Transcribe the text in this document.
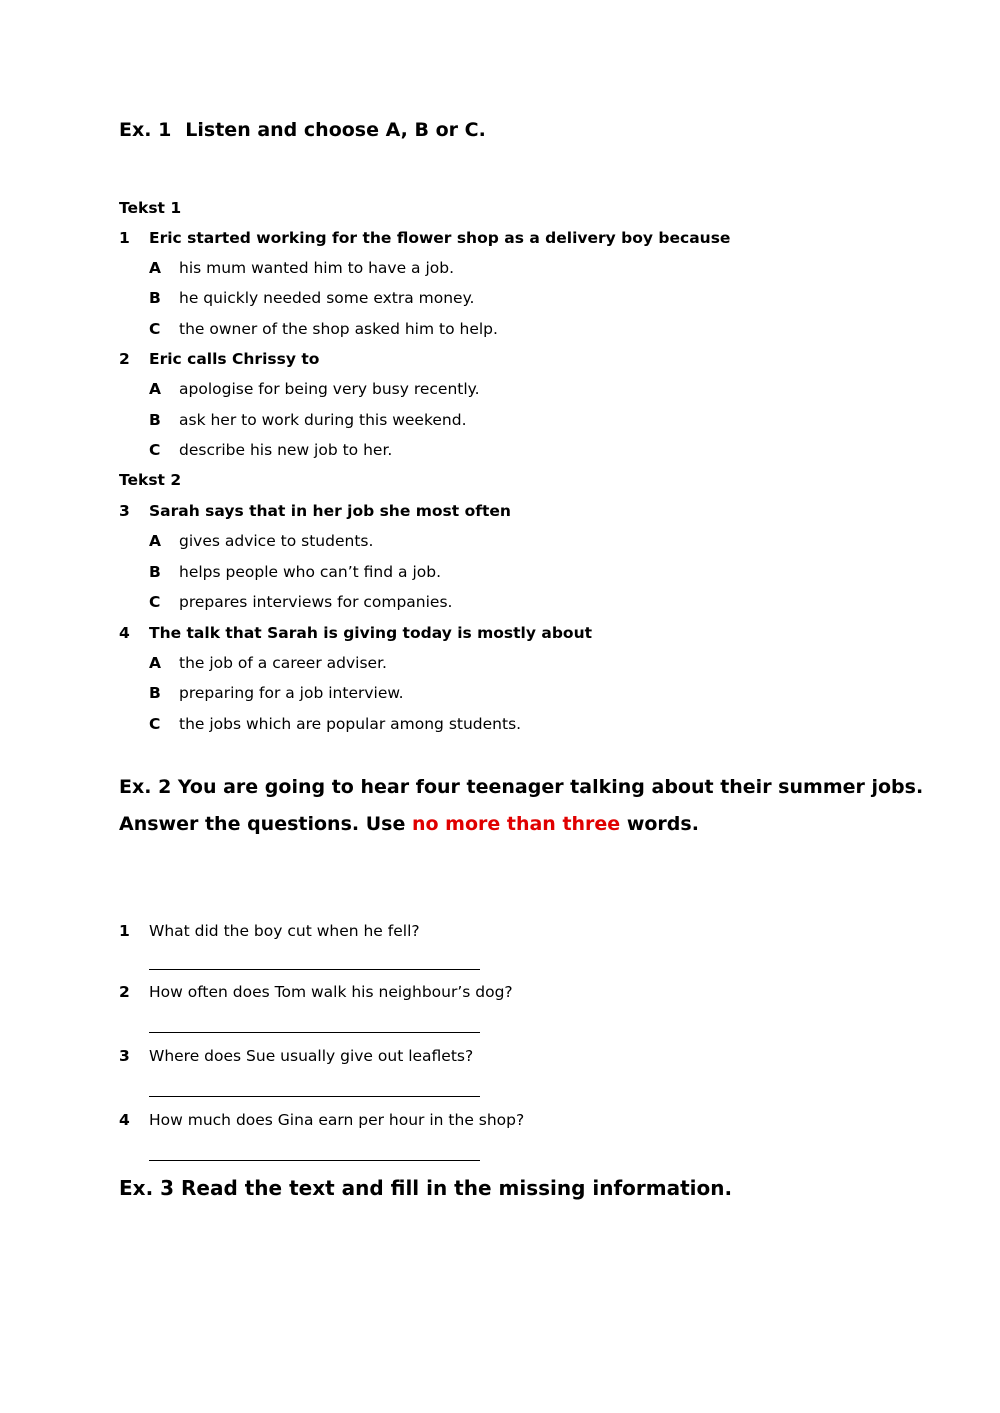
Ex. 1 Listen and choose A, B or C.
Tekst 1
1 Eric started working for the flower shop as a delivery boy because
A his mum wanted him to have a job.
B he quickly needed some extra money.
C the owner of the shop asked him to help.
2 Eric calls Chrissy to
A apologise for being very busy recently.
B ask her to work during this weekend.
C describe his new job to her.
Tekst 2
3 Sarah says that in her job she most often
A gives advice to students.
B helps people who can’t find a job.
C prepares interviews for companies.
4 The talk that Sarah is giving today is mostly about
A the job of a career adviser.
B preparing for a job interview.
C the jobs which are popular among students.
Ex. 2 You are going to hear four teenager talking about their summer jobs.
Answer the questions. Use no more than three words.
1 What did the boy cut when he fell?
2 How often does Tom walk his neighbour’s dog?
3 Where does Sue usually give out leaflets?
4 How much does Gina earn per hour in the shop?
Ex. 3 Read the text and fill in the missing information.
